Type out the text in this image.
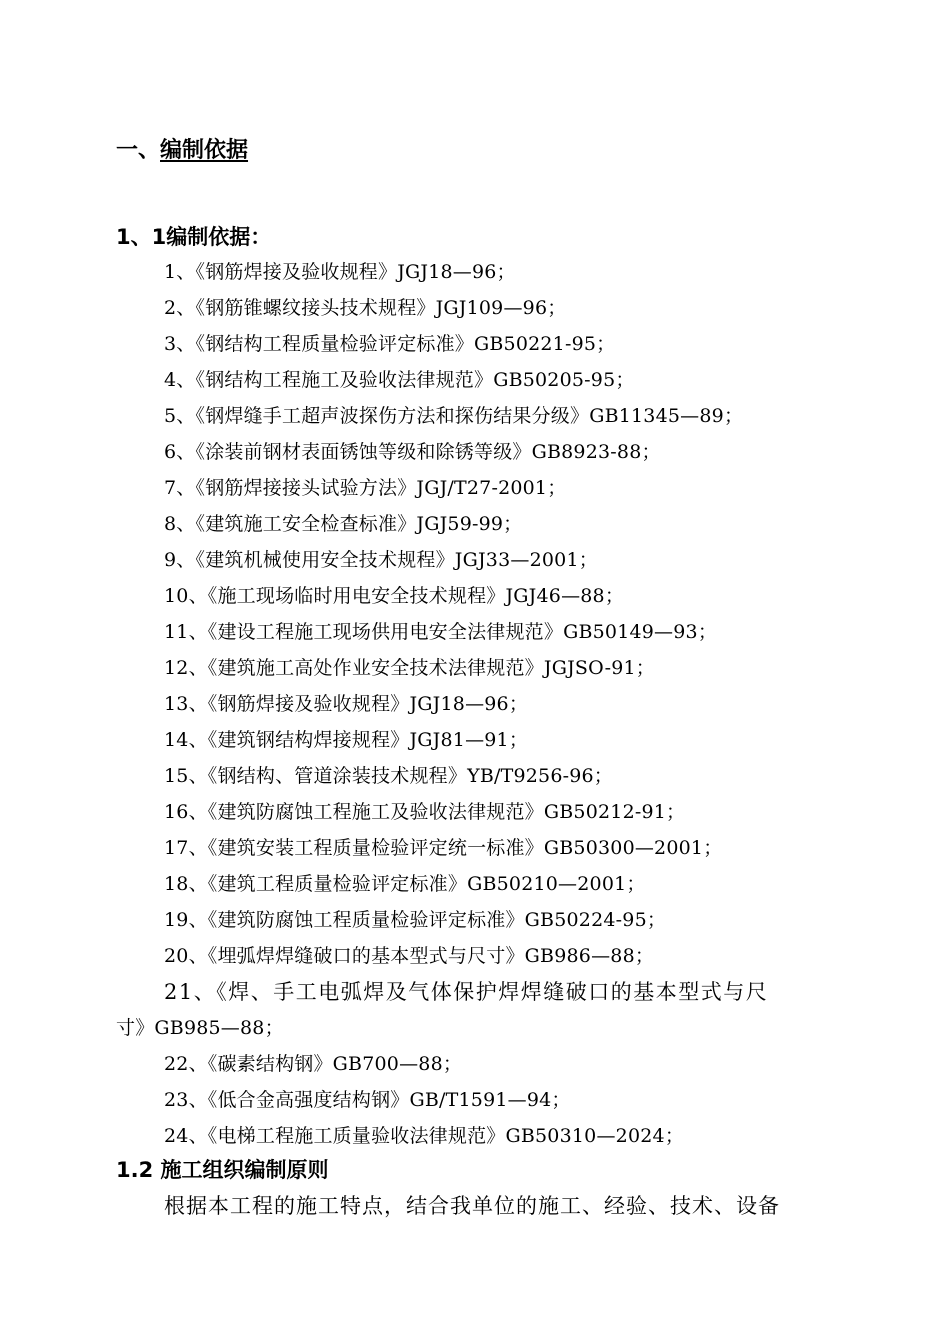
一、编制依据
1、1编制依据：
1、《钢筋焊接及验收规程》JGJ18—96；
2、《钢筋锥螺纹接头技术规程》JGJ109—96；
3、《钢结构工程质量检验评定标准》GB50221-95；
4、《钢结构工程施工及验收法律规范》GB50205-95；
5、《钢焊缝手工超声波探伤方法和探伤结果分级》GB11345—89；
6、《涂装前钢材表面锈蚀等级和除锈等级》GB8923-88；
7、《钢筋焊接接头试验方法》JGJ/T27-2001；
8、《建筑施工安全检查标准》JGJ59-99；
9、《建筑机械使用安全技术规程》JGJ33—2001；
10、《施工现场临时用电安全技术规程》JGJ46—88；
11、《建设工程施工现场供用电安全法律规范》GB50149—93；
12、《建筑施工高处作业安全技术法律规范》JGJSO-91；
13、《钢筋焊接及验收规程》JGJ18—96；
14、《建筑钢结构焊接规程》JGJ81—91；
15、《钢结构、管道涂装技术规程》YB/T9256-96；
16、《建筑防腐蚀工程施工及验收法律规范》GB50212-91；
17、《建筑安装工程质量检验评定统一标准》GB50300—2001；
18、《建筑工程质量检验评定标准》GB50210—2001；
19、《建筑防腐蚀工程质量检验评定标准》GB50224-95；
20、《埋弧焊焊缝破口的基本型式与尺寸》GB986—88；
21、《焊、手工电弧焊及气体保护焊焊缝破口的基本型式与尺
寸》GB985—88；
22、《碳素结构钢》GB700—88；
23、《低合金高强度结构钢》GB/T1591—94；
24、《电梯工程施工质量验收法律规范》GB50310—2024；
1.2 施工组织编制原则
根据本工程的施工特点，结合我单位的施工、经验、技术、设备
